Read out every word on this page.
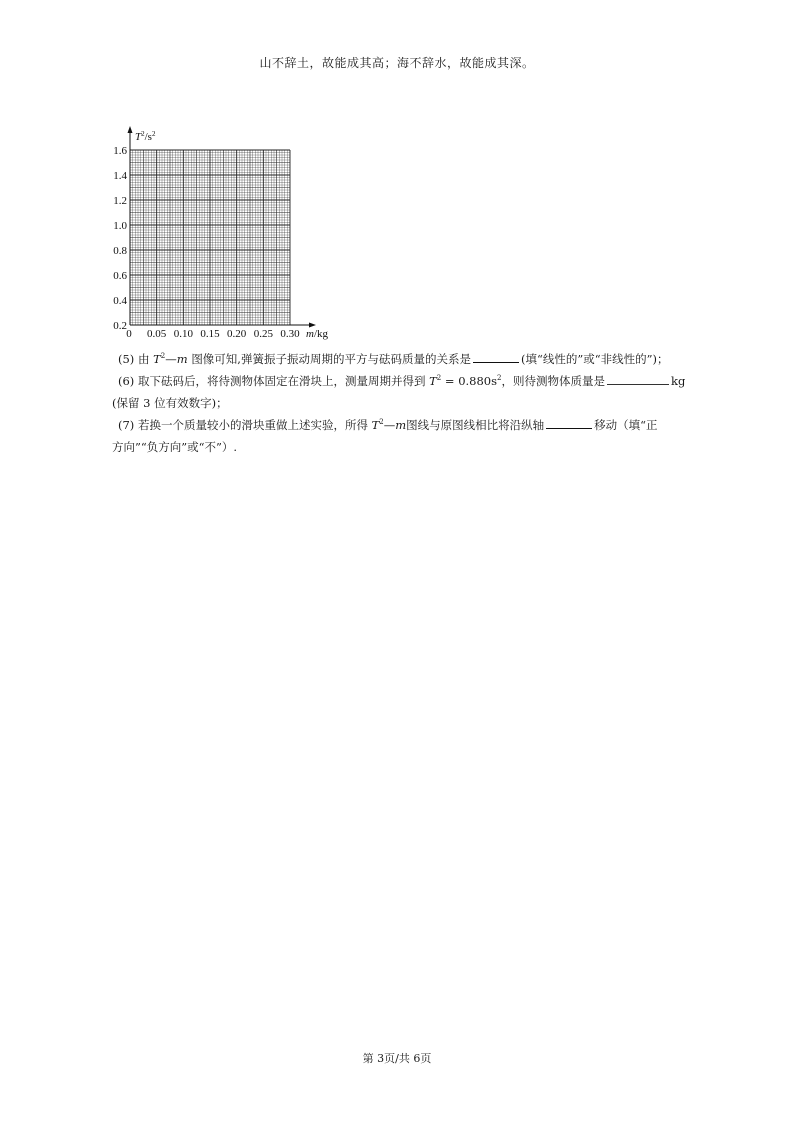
山不辞土，故能成其高；海不辞水，故能成其深。
0.2
0.4
0.6
0.8
1.0
1.2
1.4
1.6
0 0.05 0.10 0.15 0.20 0.25 0.30
$T^2/s^2$
m/kg

(5) 由 $T^2—m$ 图像可知,弹簧振子振动周期的平方与砝码质量的关系是	(填“线性的”或“非线性的”)；

(6) 取下砝码后，将待测物体固定在滑块上，测量周期并得到 $T^2 = 0.880s^2$，则待测物体质量是	kg
(保留 3 位有效数字)；

(7) 若换一个质量较小的滑块重做上述实验，所得 $T^2—m$图线与原图线相比将沿纵轴	移动（填“正
方向”“负方向”或“不”）.

第 3页/共 6页
